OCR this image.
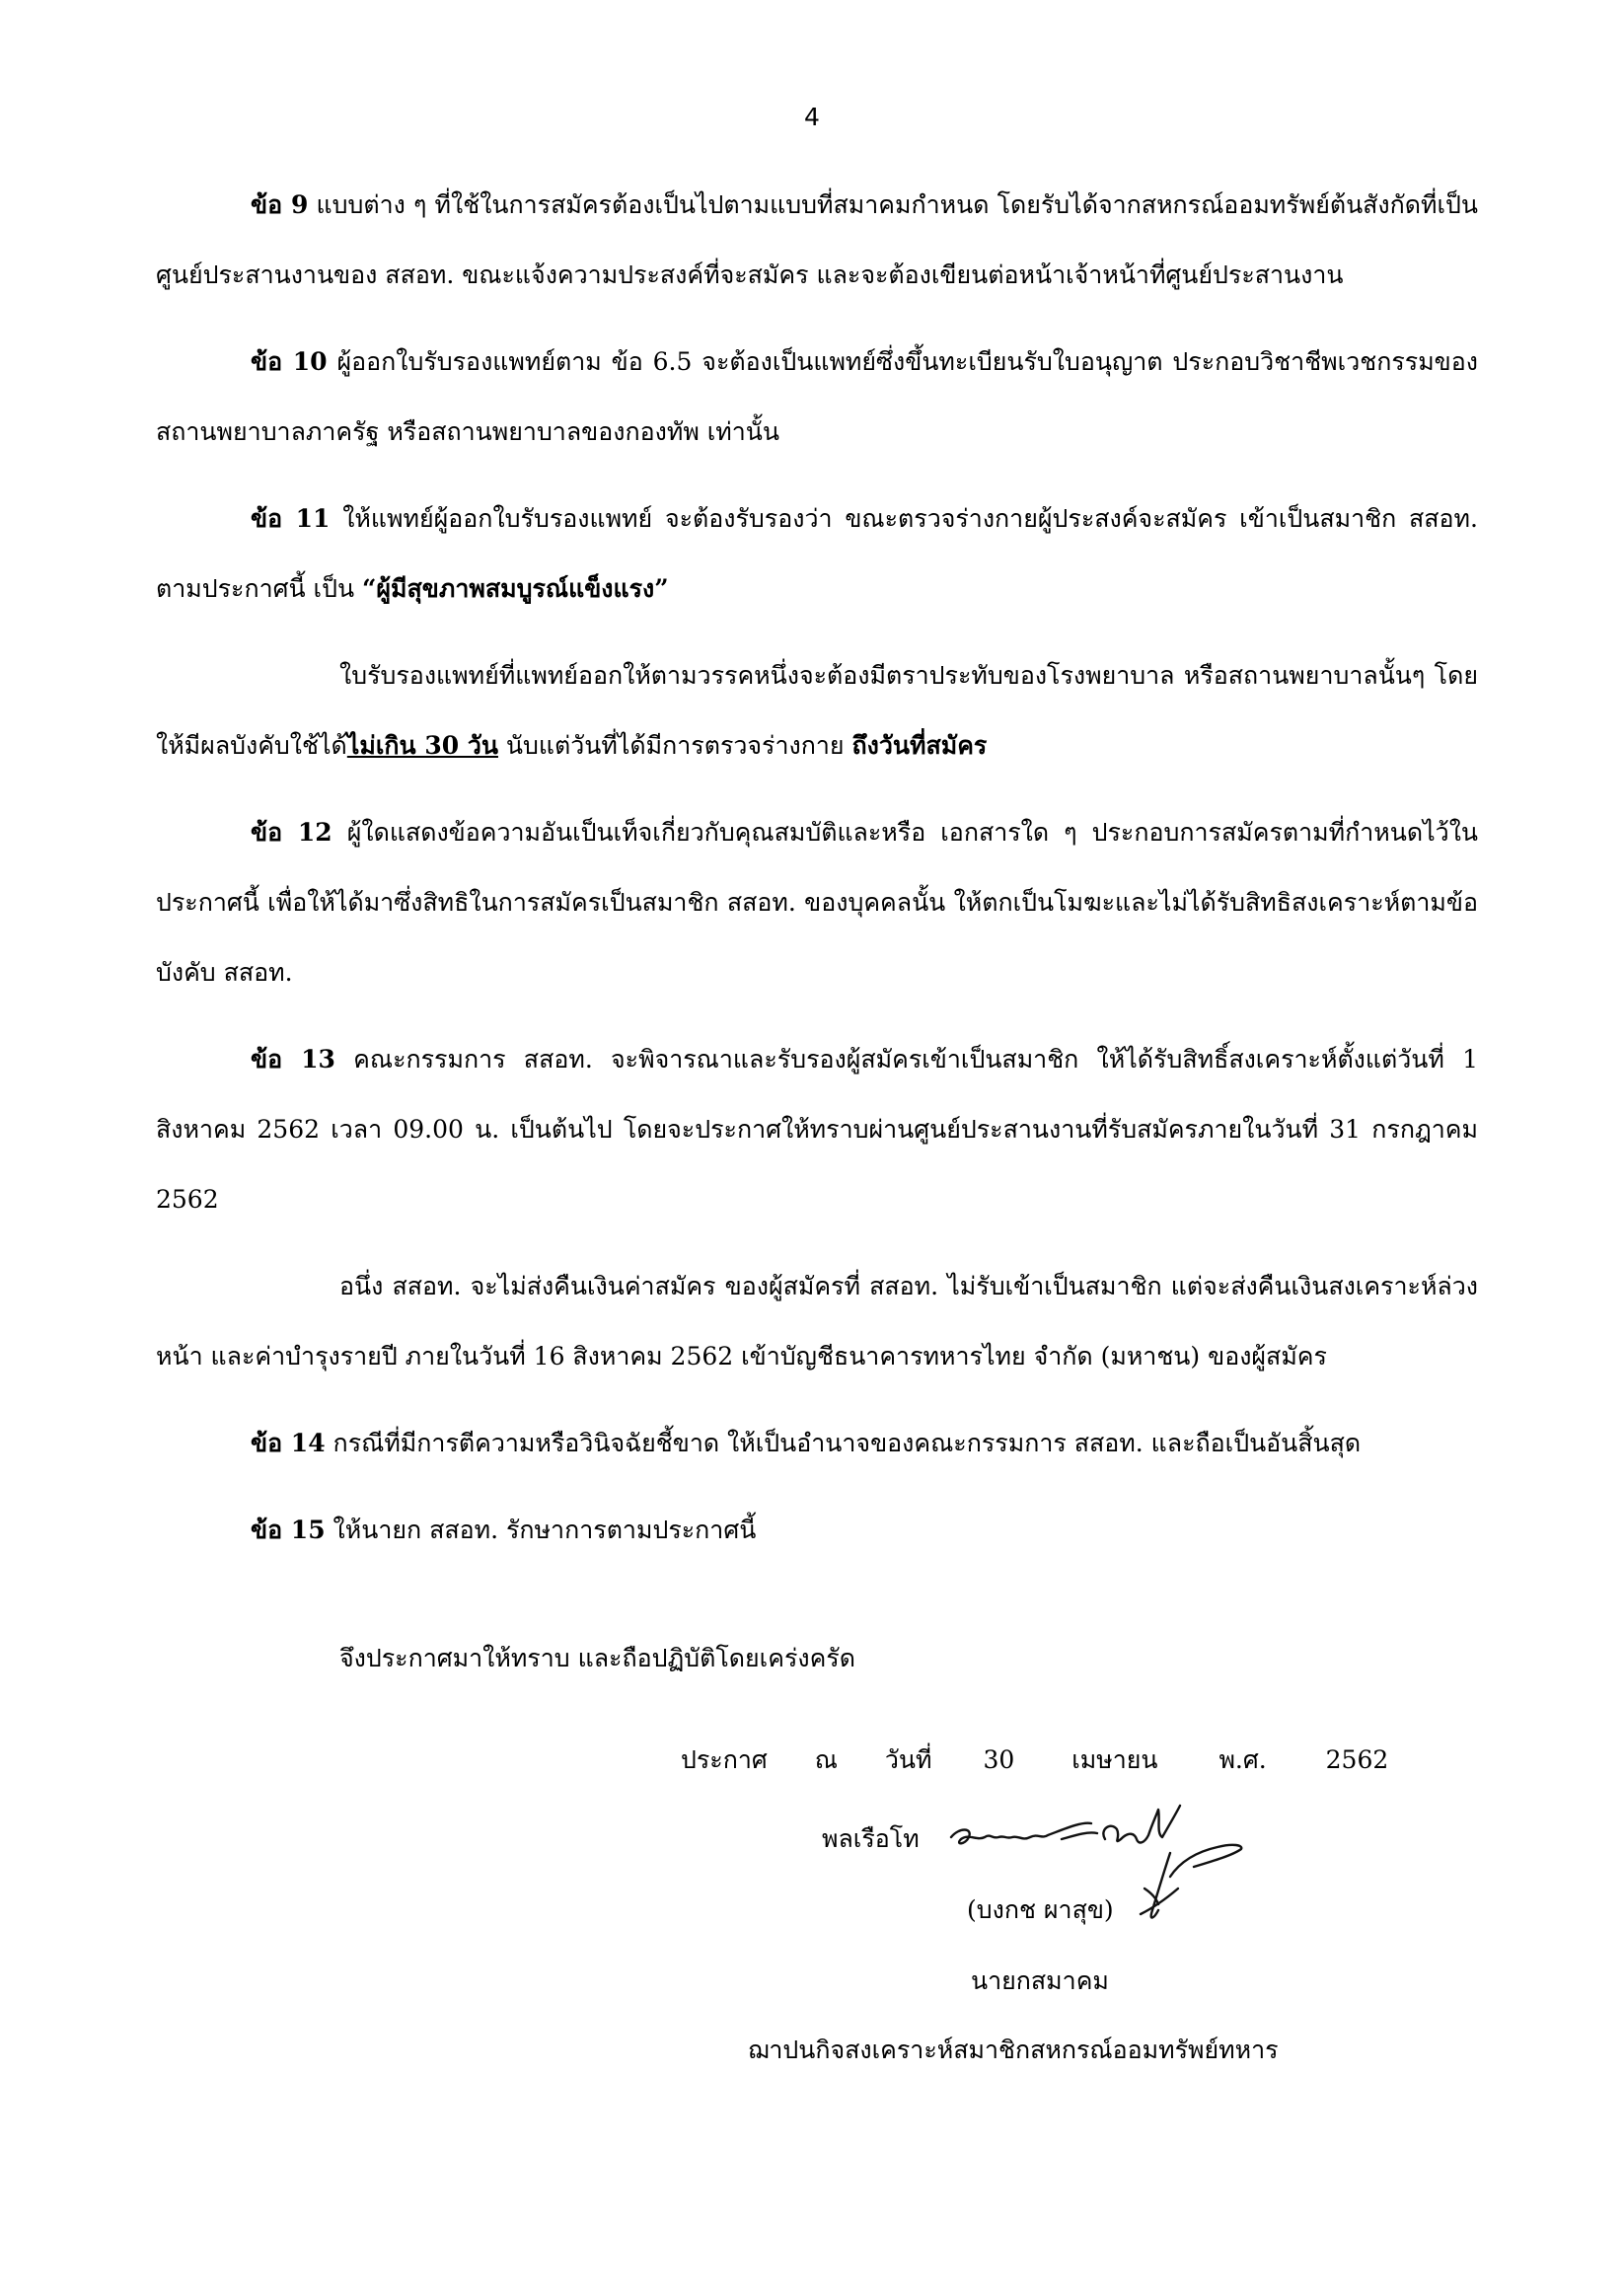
4

ข้อ 9 แบบต่าง ๆ ที่ใช้ในการสมัครต้องเป็นไปตามแบบที่สมาคมกำหนด โดยรับได้จากสหกรณ์ออมทรัพย์ต้นสังกัดที่เป็นศูนย์ประสานงานของ สสอท. ขณะแจ้งความประสงค์ที่จะสมัคร และจะต้องเขียนต่อหน้าเจ้าหน้าที่ศูนย์ประสานงาน

ข้อ 10 ผู้ออกใบรับรองแพทย์ตาม ข้อ 6.5 จะต้องเป็นแพทย์ซึ่งขึ้นทะเบียนรับใบอนุญาต ประกอบวิชาชีพเวชกรรมของสถานพยาบาลภาครัฐ หรือสถานพยาบาลของกองทัพ เท่านั้น

ข้อ 11 ให้แพทย์ผู้ออกใบรับรองแพทย์ จะต้องรับรองว่า ขณะตรวจร่างกายผู้ประสงค์จะสมัคร เข้าเป็นสมาชิก สสอท. ตามประกาศนี้ เป็น “ผู้มีสุขภาพสมบูรณ์แข็งแรง”

ใบรับรองแพทย์ที่แพทย์ออกให้ตามวรรคหนึ่งจะต้องมีตราประทับของโรงพยาบาล หรือสถานพยาบาลนั้นๆ โดยให้มีผลบังคับใช้ได้ไม่เกิน 30 วัน นับแต่วันที่ได้มีการตรวจร่างกาย ถึงวันที่สมัคร

ข้อ 12 ผู้ใดแสดงข้อความอันเป็นเท็จเกี่ยวกับคุณสมบัติและหรือ เอกสารใด ๆ ประกอบการสมัครตามที่กำหนดไว้ในประกาศนี้ เพื่อให้ได้มาซึ่งสิทธิในการสมัครเป็นสมาชิก สสอท. ของบุคคลนั้น ให้ตกเป็นโมฆะและไม่ได้รับสิทธิสงเคราะห์ตามข้อบังคับ สสอท.

ข้อ 13 คณะกรรมการ สสอท. จะพิจารณาและรับรองผู้สมัครเข้าเป็นสมาชิก ให้ได้รับสิทธิ์สงเคราะห์ตั้งแต่วันที่ 1 สิงหาคม 2562 เวลา 09.00 น. เป็นต้นไป โดยจะประกาศให้ทราบผ่านศูนย์ประสานงานที่รับสมัครภายในวันที่ 31 กรกฎาคม 2562

อนึ่ง สสอท. จะไม่ส่งคืนเงินค่าสมัคร ของผู้สมัครที่ สสอท. ไม่รับเข้าเป็นสมาชิก แต่จะส่งคืนเงินสงเคราะห์ล่วงหน้า และค่าบำรุงรายปี ภายในวันที่ 16 สิงหาคม 2562 เข้าบัญชีธนาคารทหารไทย จำกัด (มหาชน) ของผู้สมัคร

ข้อ 14 กรณีที่มีการตีความหรือวินิจฉัยชี้ขาด ให้เป็นอำนาจของคณะกรรมการ สสอท. และถือเป็นอันสิ้นสุด

ข้อ 15 ให้นายก สสอท. รักษาการตามประกาศนี้

จึงประกาศมาให้ทราบ และถือปฏิบัติโดยเคร่งครัด
ประกาศ ณ วันที่ 30 เมษายน พ.ศ. 2562
พลเรือโท
(บงกช ผาสุข)
นายกสมาคม
ฌาปนกิจสงเคราะห์สมาชิกสหกรณ์ออมทรัพย์ทหาร
